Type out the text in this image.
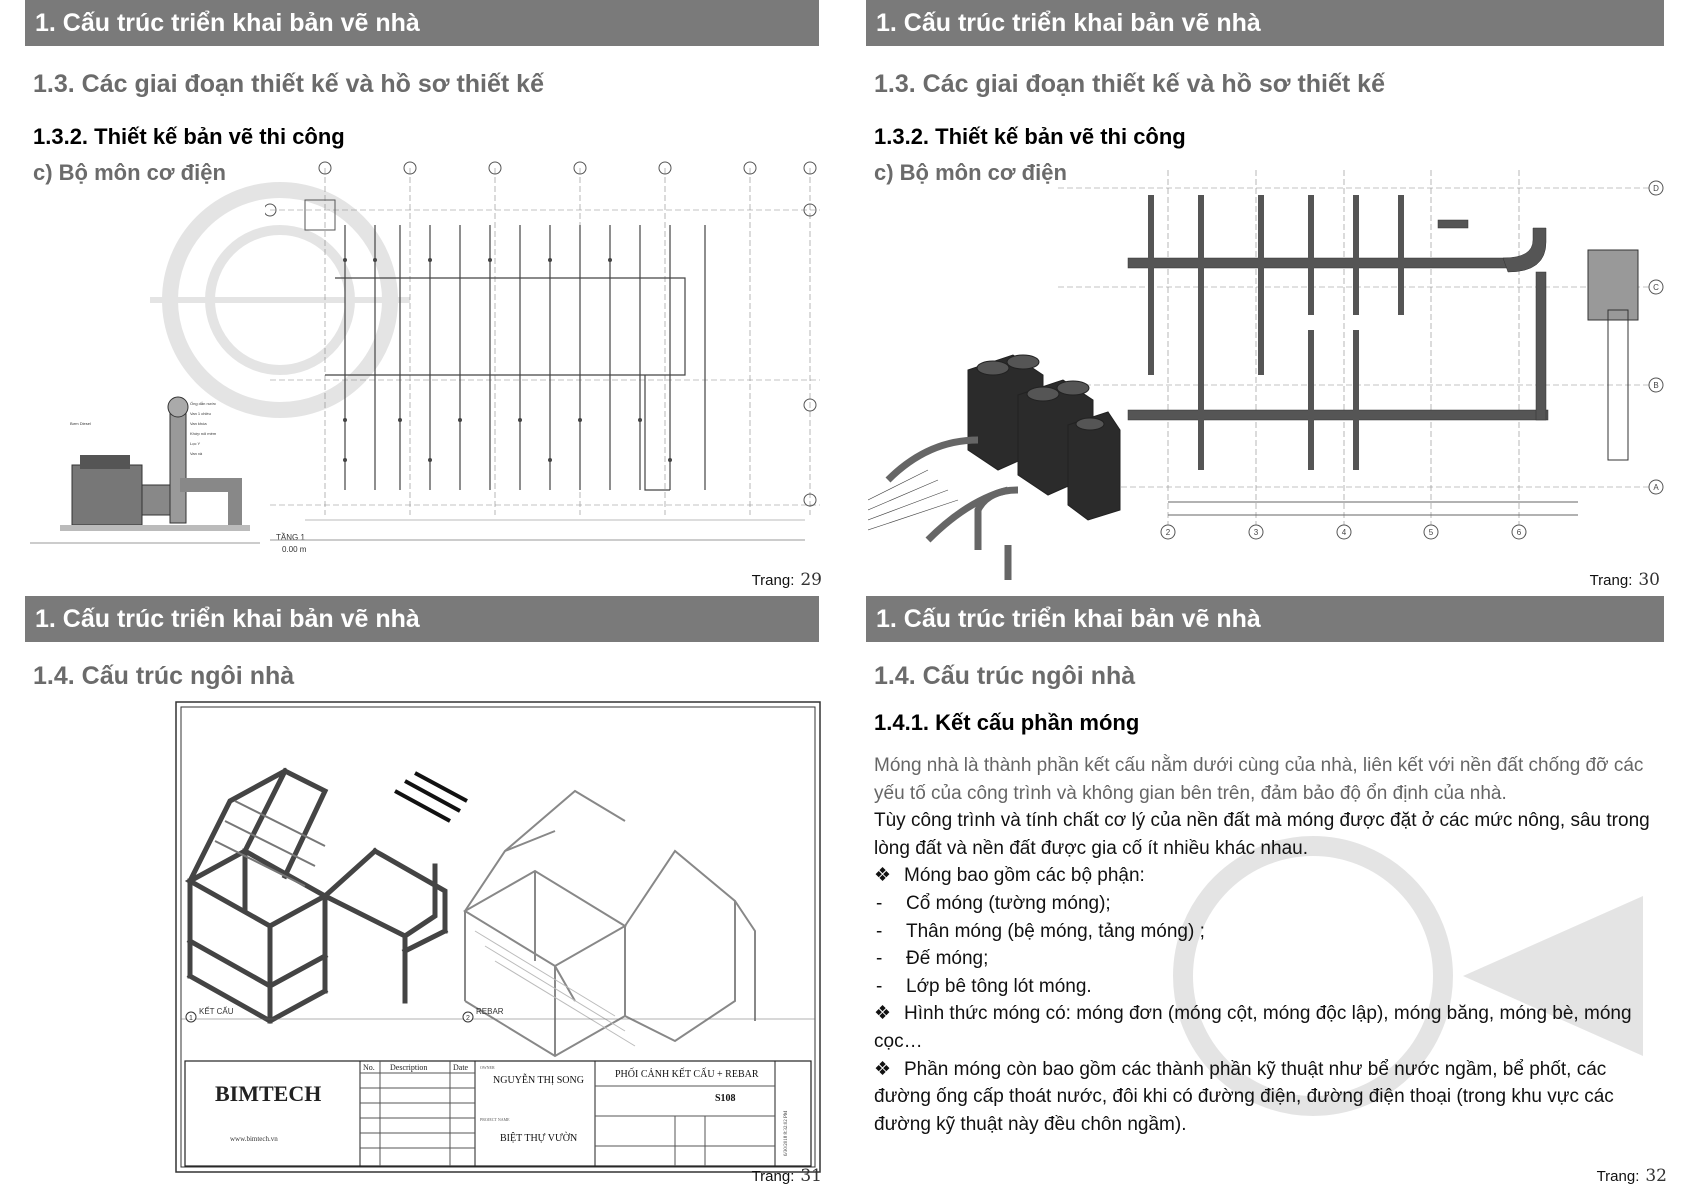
1. Cấu trúc triển khai bản vẽ nhà
1.3. Các giai đoạn thiết kế và hồ sơ thiết kế
1.3.2. Thiết kế bản vẽ thi công
c) Bộ môn cơ điện
Ống dẫn nước
Van 1 chiều
Van khóa
Khớp nối mềm
Lọc Y
Van xả
Bơm Diesel
TẦNG 1
0.00 m
Trang: 29
1. Cấu trúc triển khai bản vẽ nhà
1.3. Các giai đoạn thiết kế và hồ sơ thiết kế
1.3.2. Thiết kế bản vẽ thi công
c) Bộ môn cơ điện
D
C
B
A
2	3	4	5	6
Trang: 30
1. Cấu trúc triển khai bản vẽ nhà
1.4. Cấu trúc ngôi nhà
1
KẾT CẤU
2
REBAR
BIMTECH
www.bimtech.vn
No. Description	Date	OWNER
NGUYỄN THỊ SONG
PROJECT NAME
BIỆT THỰ VƯỜN
PHỐI CẢNH KẾT CẤU + REBAR
S108
6/30/2018 8:32:02 PM
Trang: 31
1. Cấu trúc triển khai bản vẽ nhà
1.4. Cấu trúc ngôi nhà
1.4.1. Kết cấu phần móng

Móng nhà là thành phần kết cấu nằm dưới cùng của nhà, liên kết với nền đất chống đỡ các yếu tố của công trình và không gian bên trên, đảm bảo độ ổn định của nhà.

Tùy công trình và tính chất cơ lý của nền đất mà móng được đặt ở các mức nông, sâu trong lòng đất và nền đất được gia cố ít nhiều khác nhau.

❖ Móng bao gồm các bộ phận:

- Cổ móng (tường móng);

- Thân móng (bệ móng, tảng móng) ;

- Đế móng;

- Lớp bê tông lót móng.

❖ Hình thức móng có: móng đơn (móng cột, móng độc lập), móng băng, móng bè, móng cọc…

❖ Phần móng còn bao gồm các thành phần kỹ thuật như bể nước ngầm, bể phốt, các đường ống cấp thoát nước, đôi khi có đường điện, đường điện thoại (trong khu vực các đường kỹ thuật này đều chôn ngầm).

Trang: 32
